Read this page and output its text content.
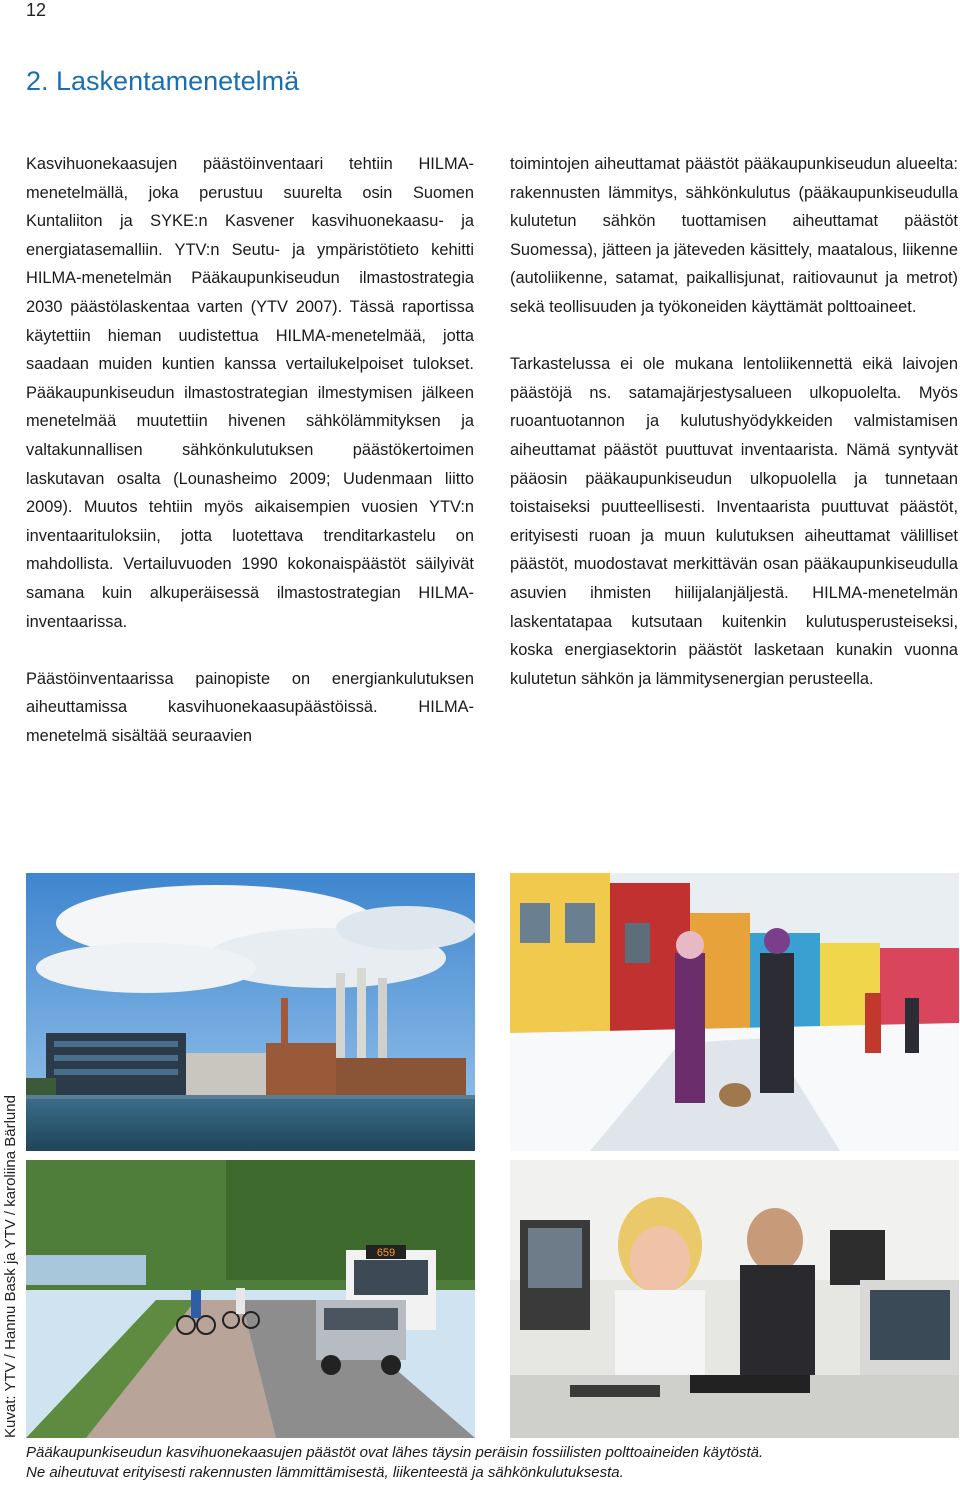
12
2. Laskentamenetelmä

Kasvihuonekaasujen päästöinventaari tehtiin HILMA-menetelmällä, joka perustuu suurelta osin Suomen Kuntaliiton ja SYKE:n Kasvener kasvihuonekaasu- ja energiatasemalliin. YTV:n Seutu- ja ympäristötieto kehitti HILMA-menetelmän Pääkaupunkiseudun ilmastostrategia 2030 päästölaskentaa varten (YTV 2007). Tässä raportissa käytettiin hieman uudistettua HILMA-menetelmää, jotta saadaan muiden kuntien kanssa vertailukelpoiset tulokset. Pääkaupunkiseudun ilmastostrategian ilmestymisen jälkeen menetelmää muutettiin hivenen sähkölämmityksen ja valtakunnallisen sähkönkulutuksen päästökertoimen laskutavan osalta (Lounasheimo 2009; Uudenmaan liitto 2009). Muutos tehtiin myös aikaisempien vuosien YTV:n inventaarituloksiin, jotta luotettava trenditarkastelu on mahdollista. Vertailuvuoden 1990 kokonaispäästöt säilyivät samana kuin alkuperäisessä ilmastostrategian HILMA-inventaarissa.

Päästöinventaarissa painopiste on energiankulutuksen aiheuttamissa kasvihuonekaasupäästöissä. HILMA-menetelmä sisältää seuraavien

toimintojen aiheuttamat päästöt pääkaupunkiseudun alueelta: rakennusten lämmitys, sähkönkulutus (pääkaupunkiseudulla kulutetun sähkön tuottamisen aiheuttamat päästöt Suomessa), jätteen ja jäteveden käsittely, maatalous, liikenne (autoliikenne, satamat, paikallisjunat, raitiovaunut ja metrot) sekä teollisuuden ja työkoneiden käyttämät polttoaineet.

Tarkastelussa ei ole mukana lentoliikennettä eikä laivojen päästöjä ns. satamajärjestysalueen ulkopuolelta. Myös ruoantuotannon ja kulutushyödykkeiden valmistamisen aiheuttamat päästöt puuttuvat inventaarista. Nämä syntyvät pääosin pääkaupunkiseudun ulkopuolella ja tunnetaan toistaiseksi puutteellisesti. Inventaarista puuttuvat päästöt, erityisesti ruoan ja muun kulutuksen aiheuttamat välilliset päästöt, muodostavat merkittävän osan pääkaupunkiseudulla asuvien ihmisten hiilijalanjäljestä. HILMA-menetelmän laskentatapaa kutsutaan kuitenkin kulutusperusteiseksi, koska energiasektorin päästöt lasketaan kunakin vuonna kulutetun sähkön ja lämmitysenergian perusteella.

659
Kuvat: YTV / Hannu Bask ja YTV / karoliina Bärlund
Pääkaupunkiseudun kasvihuonekaasujen päästöt ovat lähes täysin peräisin fossiilisten polttoaineiden käytöstä.
Ne aiheutuvat erityisesti rakennusten lämmittämisestä, liikenteestä ja sähkönkulutuksesta.
